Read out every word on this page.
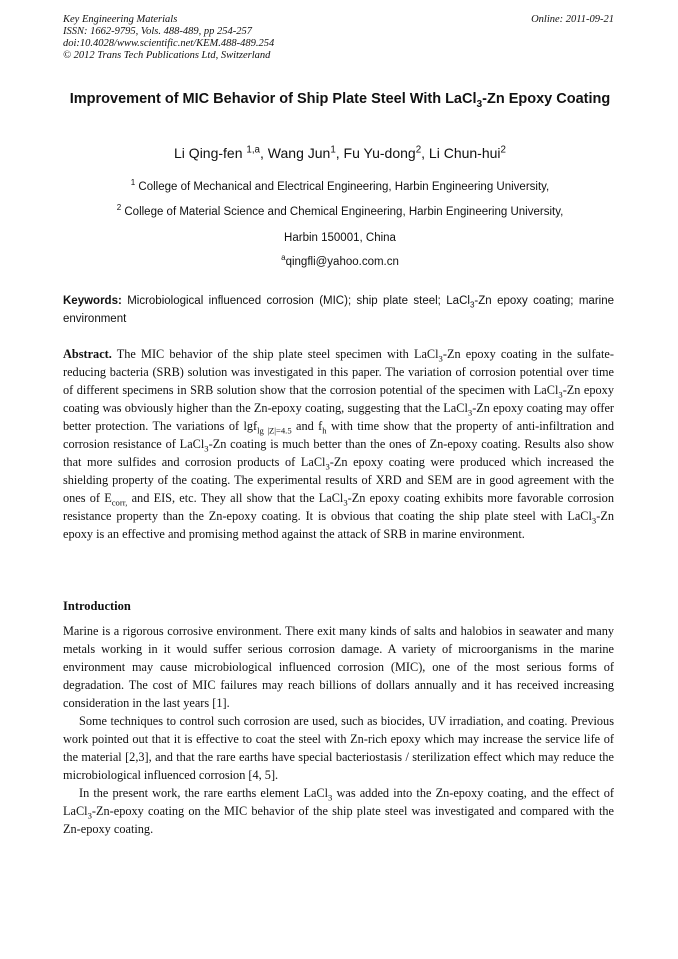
Key Engineering Materials
ISSN: 1662-9795, Vols. 488-489, pp 254-257
doi:10.4028/www.scientific.net/KEM.488-489.254
© 2012 Trans Tech Publications Ltd, Switzerland
Online: 2011-09-21
Improvement of MIC Behavior of Ship Plate Steel With LaCl$_3$-Zn Epoxy Coating
Li Qing-fen $^{1,a}$, Wang Jun$^1$, Fu Yu-dong$^2$, Li Chun-hui$^2$
$^1$ College of Mechanical and Electrical Engineering, Harbin Engineering University,
$^2$ College of Material Science and Chemical Engineering, Harbin Engineering University,
Harbin 150001, China
$^a$qingfli@yahoo.com.cn
Keywords: Microbiological influenced corrosion (MIC); ship plate steel; LaCl$_3$-Zn epoxy coating; marine environment
Abstract. The MIC behavior of the ship plate steel specimen with LaCl$_3$-Zn epoxy coating in the sulfate-reducing bacteria (SRB) solution was investigated in this paper. The variation of corrosion potential over time of different specimens in SRB solution show that the corrosion potential of the specimen with LaCl$_3$-Zn epoxy coating was obviously higher than the Zn-epoxy coating, suggesting that the LaCl$_3$-Zn epoxy coating may offer better protection. The variations of lgf$_{lg |Z|=4.5}$ and $f_h$ with time show that the property of anti-infiltration and corrosion resistance of LaCl$_3$-Zn coating is much better than the ones of Zn-epoxy coating. Results also show that more sulfides and corrosion products of LaCl$_3$-Zn epoxy coating were produced which increased the shielding property of the coating. The experimental results of XRD and SEM are in good agreement with the ones of $E_{corr,}$ and EIS, etc. They all show that the LaCl$_3$-Zn epoxy coating exhibits more favorable corrosion resistance property than the Zn-epoxy coating. It is obvious that coating the ship plate steel with LaCl$_3$-Zn epoxy is an effective and promising method against the attack of SRB in marine environment.
Introduction
Marine is a rigorous corrosive environment. There exit many kinds of salts and halobios in seawater and many metals working in it would suffer serious corrosion damage. A variety of microorganisms in the marine environment may cause microbiological influenced corrosion (MIC), one of the most serious forms of degradation. The cost of MIC failures may reach billions of dollars annually and it has received increasing consideration in the last years [1].
Some techniques to control such corrosion are used, such as biocides, UV irradiation, and coating. Previous work pointed out that it is effective to coat the steel with Zn-rich epoxy which may increase the service life of the material [2,3], and that the rare earths have special bacteriostasis / sterilization effect which may reduce the microbiological influenced corrosion [4, 5].
In the present work, the rare earths element LaCl$_3$ was added into the Zn-epoxy coating, and the effect of LaCl$_3$-Zn-epoxy coating on the MIC behavior of the ship plate steel was investigated and compared with the Zn-epoxy coating.
